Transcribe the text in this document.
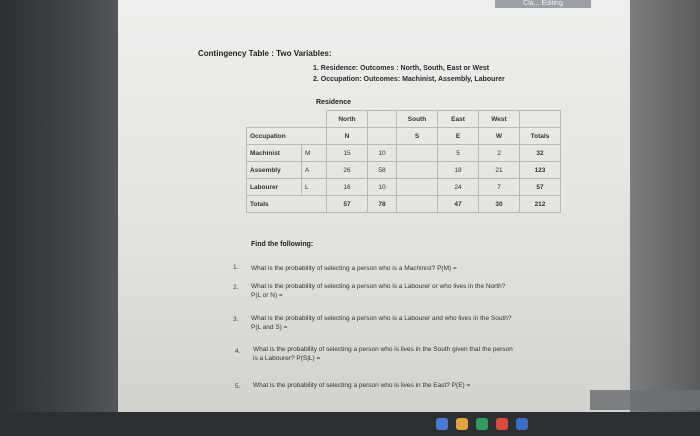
Cla... Editing
Contingency Table : Two Variables:
1. Residence: Outcomes : North, South, East or West
2. Occupation: Outcomes: Machinist, Assembly, Labourer
Residence
		North		South	East	West	
Occupation		N		S	E	W	Totals
Machinist	M	15	10		5	2	32
Assembly	A	26	58		18	21	123
Labourer	L	16	10		24	7	57
Totals		57	78		47	30	212
Find the following:
1. What is the probability of selecting a person who is a Machinist? P(M) =
2. What is the probability of selecting a person who is a Labourer or who lives in the North?
P(L or N) =
3. What is the probability of selecting a person who is a Labourer and who lives in the South?
P(L and S) =
4. What is the probability of selecting a person who is lives in the South given that the person
is a Labourer? P(S|L) =
5. What is the probability of selecting a person who is lives in the East? P(E) =
